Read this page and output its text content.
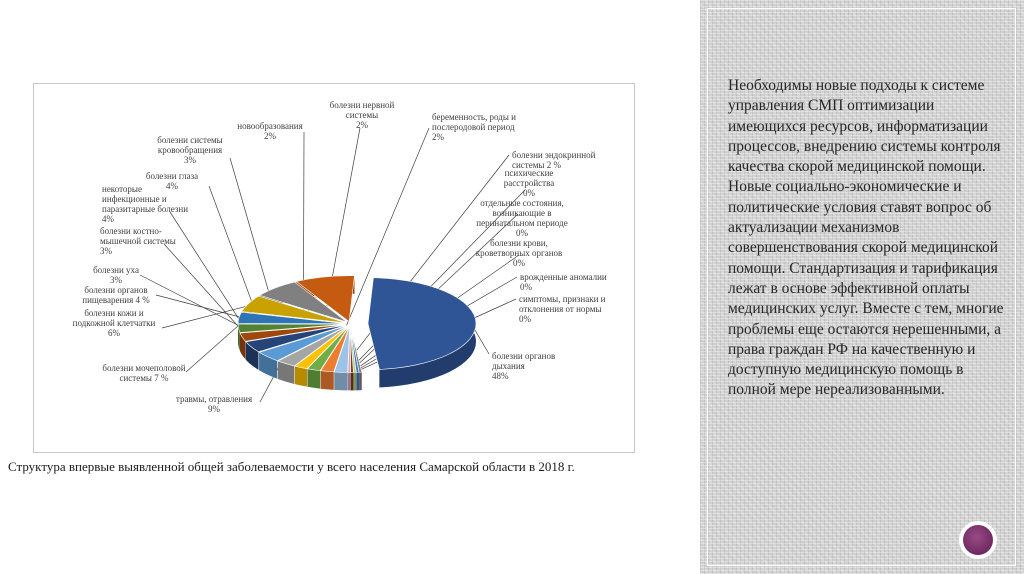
болезни органов дыхания 48%
симптомы, признаки и отклонения от нормы 0%
врожденные аномалии 0%
болезни крови, кроветворных органов 0%
отдельные состояния, возникающие в перинатальном периоде 0%
психические расстройства 0%
болезни эндокринной системы 2 %
беременность, роды и послеродовой период 2%
болезни нервной системы 2%
новообразования 2%
болезни системы кровообращения 3%
болезни глаза 4%
некоторые инфекционные и паразитарные болезни 4%
болезни костно-мышечной системы 3%
болезни уха 3%
болезни органов пищеварения 4 %
болезни кожи и подкожной клетчатки 6%
болезни мочеполовой системы 7 %
травмы, отравления 9%
Структура впервые выявленной общей заболеваемости у всего населения Самарской области в 2018 г.

Необходимы новые подходы к системе управления СМП оптимизации имеющихся ресурсов, информатизации процессов, внедрению системы контроля качества скорой медицинской помощи. Новые социально-экономические и политические условия ставят вопрос об актуализации механизмов совершенствования скорой медицинской помощи. Стандартизация и тарификация лежат в основе эффективной оплаты медицинских услуг. Вместе с тем, многие проблемы еще остаются нерешенными, а права граждан РФ на качественную и доступную медицинскую помощь в полной мере нереализованными.
